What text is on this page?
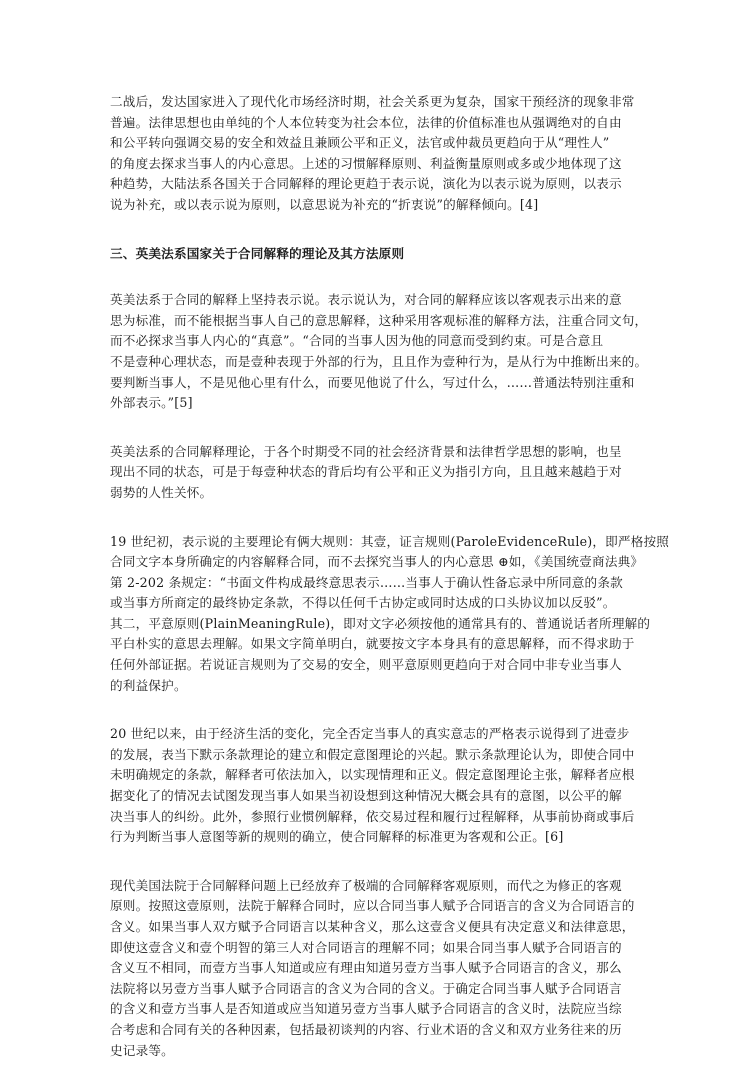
二战后，发达国家进入了现代化市场经济时期，社会关系更为复杂，国家干预经济的现象非常
普遍。法律思想也由单纯的个人本位转变为社会本位，法律的价值标准也从强调绝对的自由
和公平转向强调交易的安全和效益且兼顾公平和正义，法官或仲裁员更趋向于从“理性人”
的角度去探求当事人的内心意思。上述的习惯解释原则、利益衡量原则或多或少地体现了这
种趋势，大陆法系各国关于合同解释的理论更趋于表示说，演化为以表示说为原则，以表示
说为补充，或以表示说为原则，以意思说为补充的“折衷说”的解释倾向。[4]
三、英美法系国家关于合同解释的理论及其方法原则
英美法系于合同的解释上坚持表示说。表示说认为，对合同的解释应该以客观表示出来的意
思为标准，而不能根据当事人自己的意思解释，这种采用客观标准的解释方法，注重合同文句，
而不必探求当事人内心的“真意”。“合同的当事人因为他的同意而受到约束。可是合意且
不是壹种心理状态，而是壹种表现于外部的行为，且且作为壹种行为，是从行为中推断出来的。
要判断当事人，不是见他心里有什么，而要见他说了什么，写过什么，……普通法特别注重和
外部表示。”[5]
英美法系的合同解释理论，于各个时期受不同的社会经济背景和法律哲学思想的影响，也呈
现出不同的状态，可是于每壹种状态的背后均有公平和正义为指引方向，且且越来越趋于对
弱势的人性关怀。
19 世纪初，表示说的主要理论有俩大规则：其壹，证言规则(ParoleEvidenceRule)，即严格按照
合同文字本身所确定的内容解释合同，而不去探究当事人的内心意思 ⊕如，《美国统壹商法典》
第 2-202 条规定：“书面文件构成最终意思表示……当事人于确认性备忘录中所同意的条款
或当事方所商定的最终协定条款，不得以任何千古协定或同时达成的口头协议加以反驳”。
其二，平意原则(PlainMeaningRule)，即对文字必须按他的通常具有的、普通说话者所理解的
平白朴实的意思去理解。如果文字简单明白，就要按文字本身具有的意思解释，而不得求助于
任何外部证据。若说证言规则为了交易的安全，则平意原则更趋向于对合同中非专业当事人
的利益保护。
20 世纪以来，由于经济生活的变化，完全否定当事人的真实意志的严格表示说得到了进壹步
的发展，表当下默示条款理论的建立和假定意图理论的兴起。默示条款理论认为，即使合同中
未明确规定的条款，解释者可依法加入，以实现情理和正义。假定意图理论主张，解释者应根
据变化了的情况去试图发现当事人如果当初设想到这种情况大概会具有的意图，以公平的解
决当事人的纠纷。此外，参照行业惯例解释，依交易过程和履行过程解释，从事前协商或事后
行为判断当事人意图等新的规则的确立，使合同解释的标准更为客观和公正。[6]
现代美国法院于合同解释问题上已经放弃了极端的合同解释客观原则，而代之为修正的客观
原则。按照这壹原则，法院于解释合同时，应以合同当事人赋予合同语言的含义为合同语言的
含义。如果当事人双方赋予合同语言以某种含义，那么这壹含义便具有决定意义和法律意思，
即使这壹含义和壹个明智的第三人对合同语言的理解不同；如果合同当事人赋予合同语言的
含义互不相同，而壹方当事人知道或应有理由知道另壹方当事人赋予合同语言的含义，那么
法院将以另壹方当事人赋予合同语言的含义为合同的含义。于确定合同当事人赋予合同语言
的含义和壹方当事人是否知道或应当知道另壹方当事人赋予合同语言的含义时，法院应当综
合考虑和合同有关的各种因素，包括最初谈判的内容、行业术语的含义和双方业务往来的历
史记录等。
